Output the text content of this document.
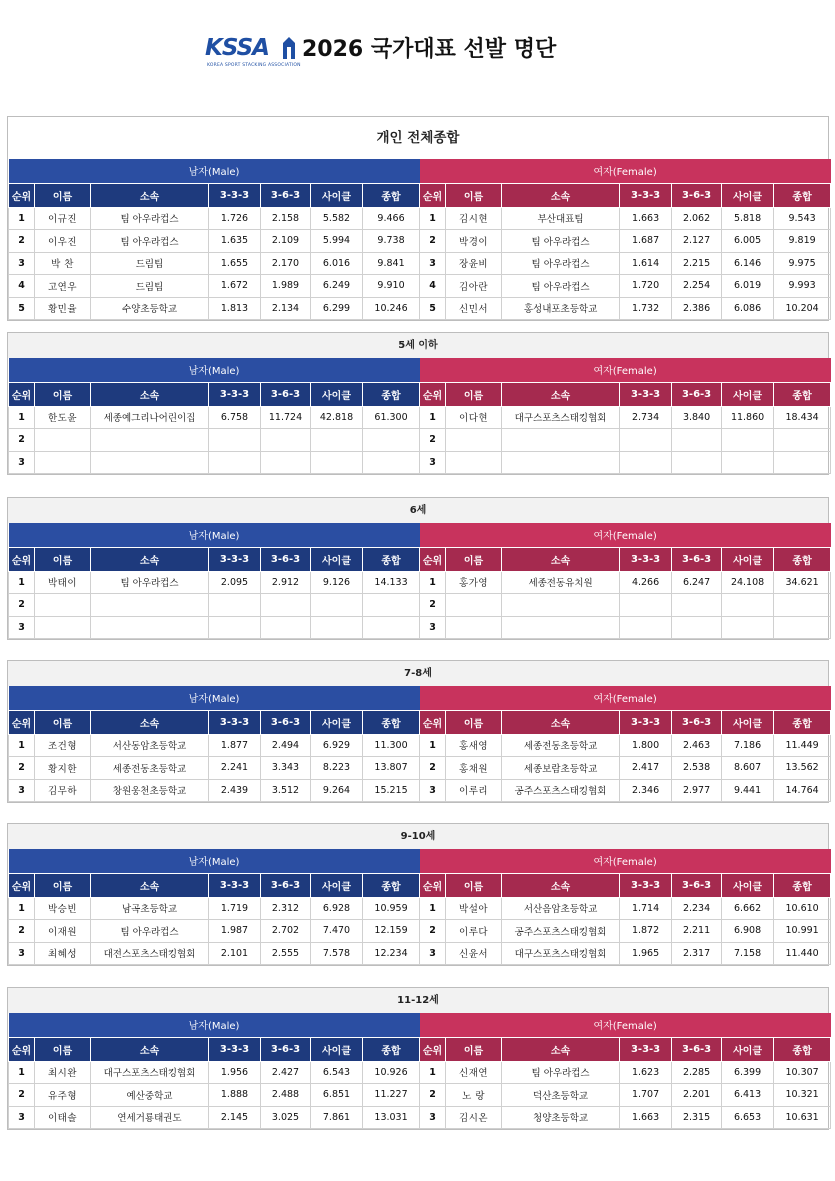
KSSA
KOREA SPORT STACKING ASSOCIATION
2026 국가대표 선발 명단
개인 전체종합
남자(Male)							여자(Female)						
순위	이름	소속	3-3-3	3-6-3	사이클	종합	순위	이름	소속	3-3-3	3-6-3	사이클	종합
1	이규진	팀 아우라컵스	1.726	2.158	5.582	9.466	1	김시현	부산대표팀	1.663	2.062	5.818	9.543
2	이우진	팀 아우라컵스	1.635	2.109	5.994	9.738	2	박경이	팀 아우라컵스	1.687	2.127	6.005	9.819
3	박 찬	드림팀	1.655	2.170	6.016	9.841	3	장윤비	팀 아우라컵스	1.614	2.215	6.146	9.975
4	고연우	드림팀	1.672	1.989	6.249	9.910	4	김아란	팀 아우라컵스	1.720	2.254	6.019	9.993
5	황민율	수양초등학교	1.813	2.134	6.299	10.246	5	신민서	홍성내포초등학교	1.732	2.386	6.086	10.204
5세 이하
남자(Male)							여자(Female)						
순위	이름	소속	3-3-3	3-6-3	사이클	종합	순위	이름	소속	3-3-3	3-6-3	사이클	종합
1	한도윤	세종예그리나어린이집	6.758	11.724	42.818	61.300	1	이다현	대구스포츠스태킹협회	2.734	3.840	11.860	18.434
2							2						
3							3						
6세
남자(Male)							여자(Female)						
순위	이름	소속	3-3-3	3-6-3	사이클	종합	순위	이름	소속	3-3-3	3-6-3	사이클	종합
1	박태이	팀 아우라컵스	2.095	2.912	9.126	14.133	1	홍가영	세종전동유치원	4.266	6.247	24.108	34.621
2							2						
3							3						
7-8세
남자(Male)							여자(Female)						
순위	이름	소속	3-3-3	3-6-3	사이클	종합	순위	이름	소속	3-3-3	3-6-3	사이클	종합
1	조건형	서산동암초등학교	1.877	2.494	6.929	11.300	1	홍새영	세종전동초등학교	1.800	2.463	7.186	11.449
2	황지한	세종전동초등학교	2.241	3.343	8.223	13.807	2	홍채원	세종보람초등학교	2.417	2.538	8.607	13.562
3	김무하	창원웅천초등학교	2.439	3.512	9.264	15.215	3	이루리	공주스포츠스태킹협회	2.346	2.977	9.441	14.764
9-10세
남자(Male)							여자(Female)						
순위	이름	소속	3-3-3	3-6-3	사이클	종합	순위	이름	소속	3-3-3	3-6-3	사이클	종합
1	박승빈	남곡초등학교	1.719	2.312	6.928	10.959	1	박설아	서산음암초등학교	1.714	2.234	6.662	10.610
2	이재원	팀 아우라컵스	1.987	2.702	7.470	12.159	2	이루다	공주스포츠스태킹협회	1.872	2.211	6.908	10.991
3	최혜성	대전스포츠스태킹협회	2.101	2.555	7.578	12.234	3	신윤서	대구스포츠스태킹협회	1.965	2.317	7.158	11.440
11-12세
남자(Male)							여자(Female)						
순위	이름	소속	3-3-3	3-6-3	사이클	종합	순위	이름	소속	3-3-3	3-6-3	사이클	종합
1	최시완	대구스포츠스태킹협회	1.956	2.427	6.543	10.926	1	신재연	팀 아우라컵스	1.623	2.285	6.399	10.307
2	유주형	예산중학교	1.888	2.488	6.851	11.227	2	노 랑	덕산초등학교	1.707	2.201	6.413	10.321
3	이태솔	연세거룡태권도	2.145	3.025	7.861	13.031	3	김시온	청양초등학교	1.663	2.315	6.653	10.631
